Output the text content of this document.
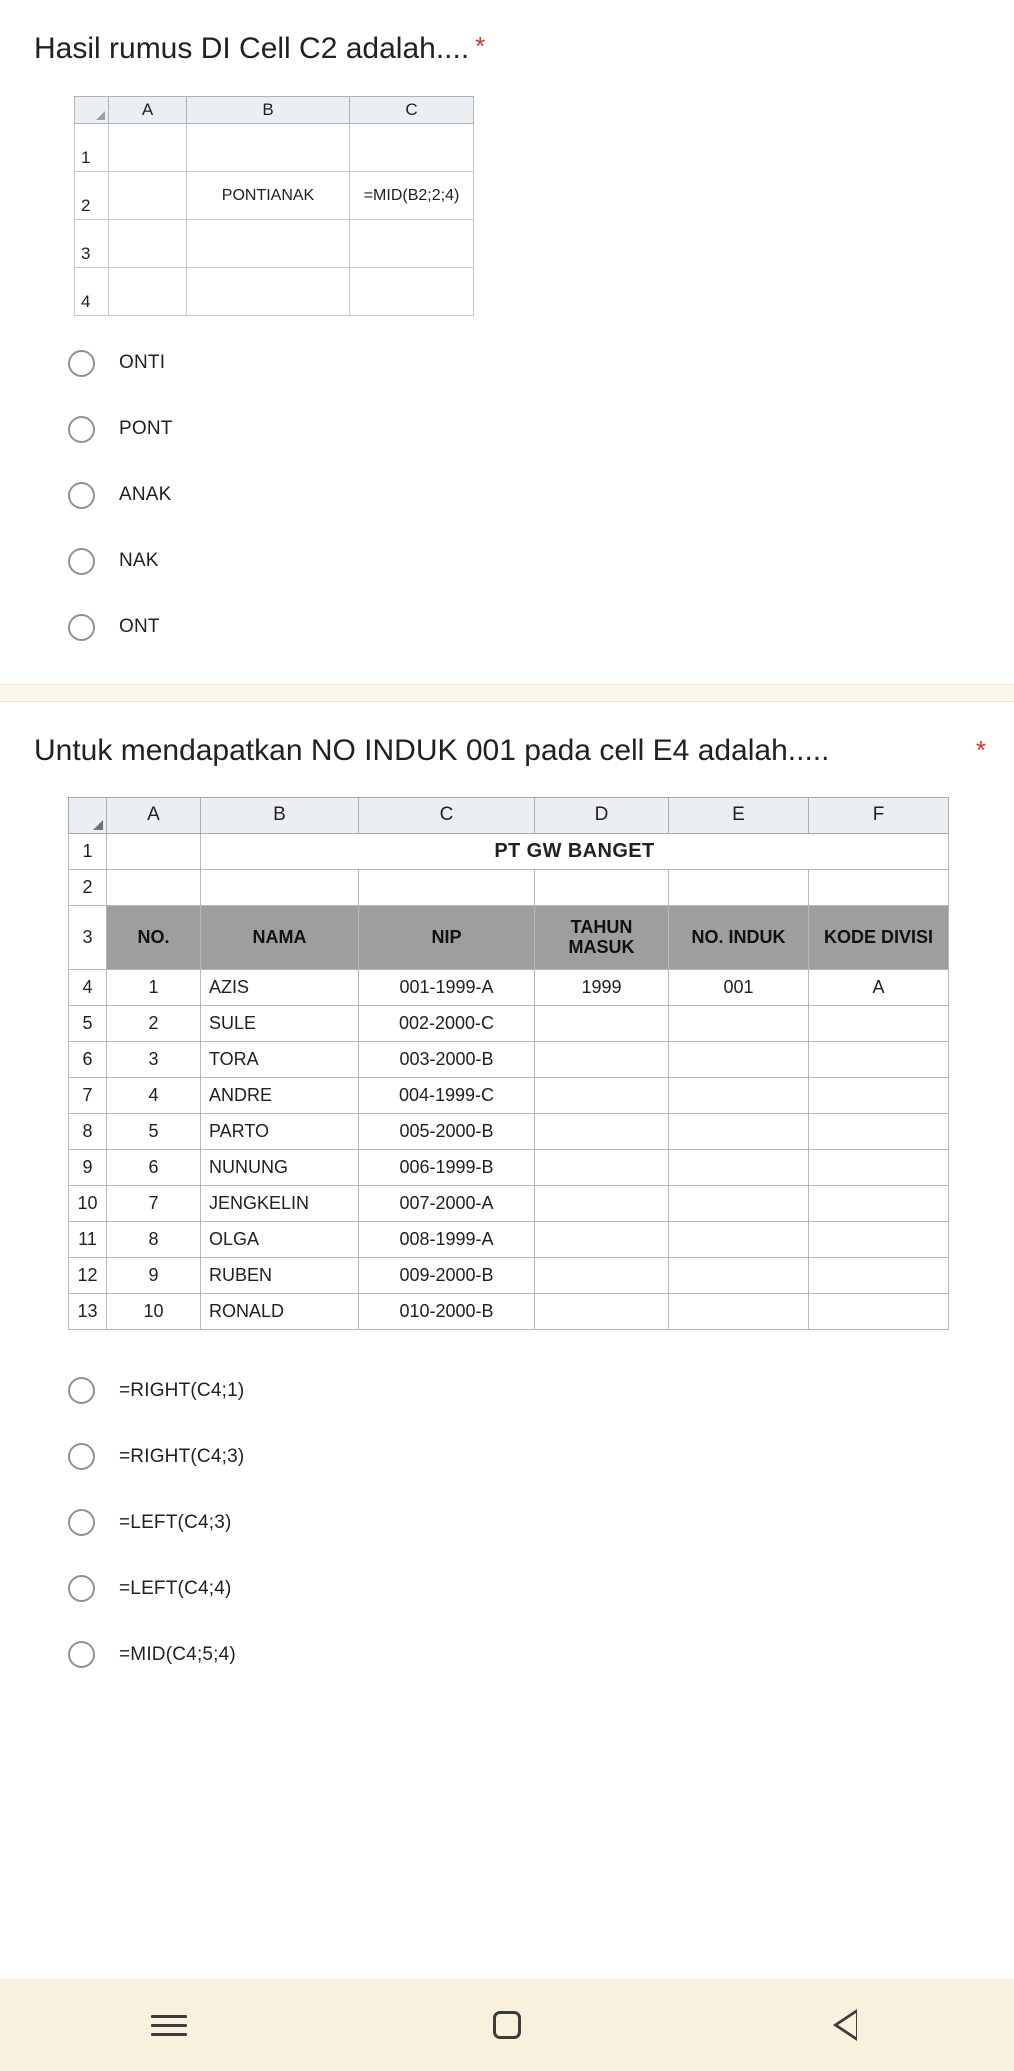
Hasil rumus DI Cell C2 adalah.... *
	A	B	C
1			
2		PONTIANAK	=MID(B2;2;4)
3			
4			
ONTI
PONT
ANAK
NAK
ONT
Untuk mendapatkan NO INDUK 001 pada cell E4 adalah.....	*
	A	B	C	D	E	F
1		PT GW BANGET				
2						
3	NO.	NAMA	NIP	TAHUN MASUK	NO. INDUK	KODE DIVISI
4	1	AZIS	001-1999-A	1999	001	A
5	2	SULE	002-2000-C			
6	3	TORA	003-2000-B			
7	4	ANDRE	004-1999-C			
8	5	PARTO	005-2000-B			
9	6	NUNUNG	006-1999-B			
10	7	JENGKELIN	007-2000-A			
11	8	OLGA	008-1999-A			
12	9	RUBEN	009-2000-B			
13	10	RONALD	010-2000-B			
=RIGHT(C4;1)
=RIGHT(C4;3)
=LEFT(C4;3)
=LEFT(C4;4)
=MID(C4;5;4)
